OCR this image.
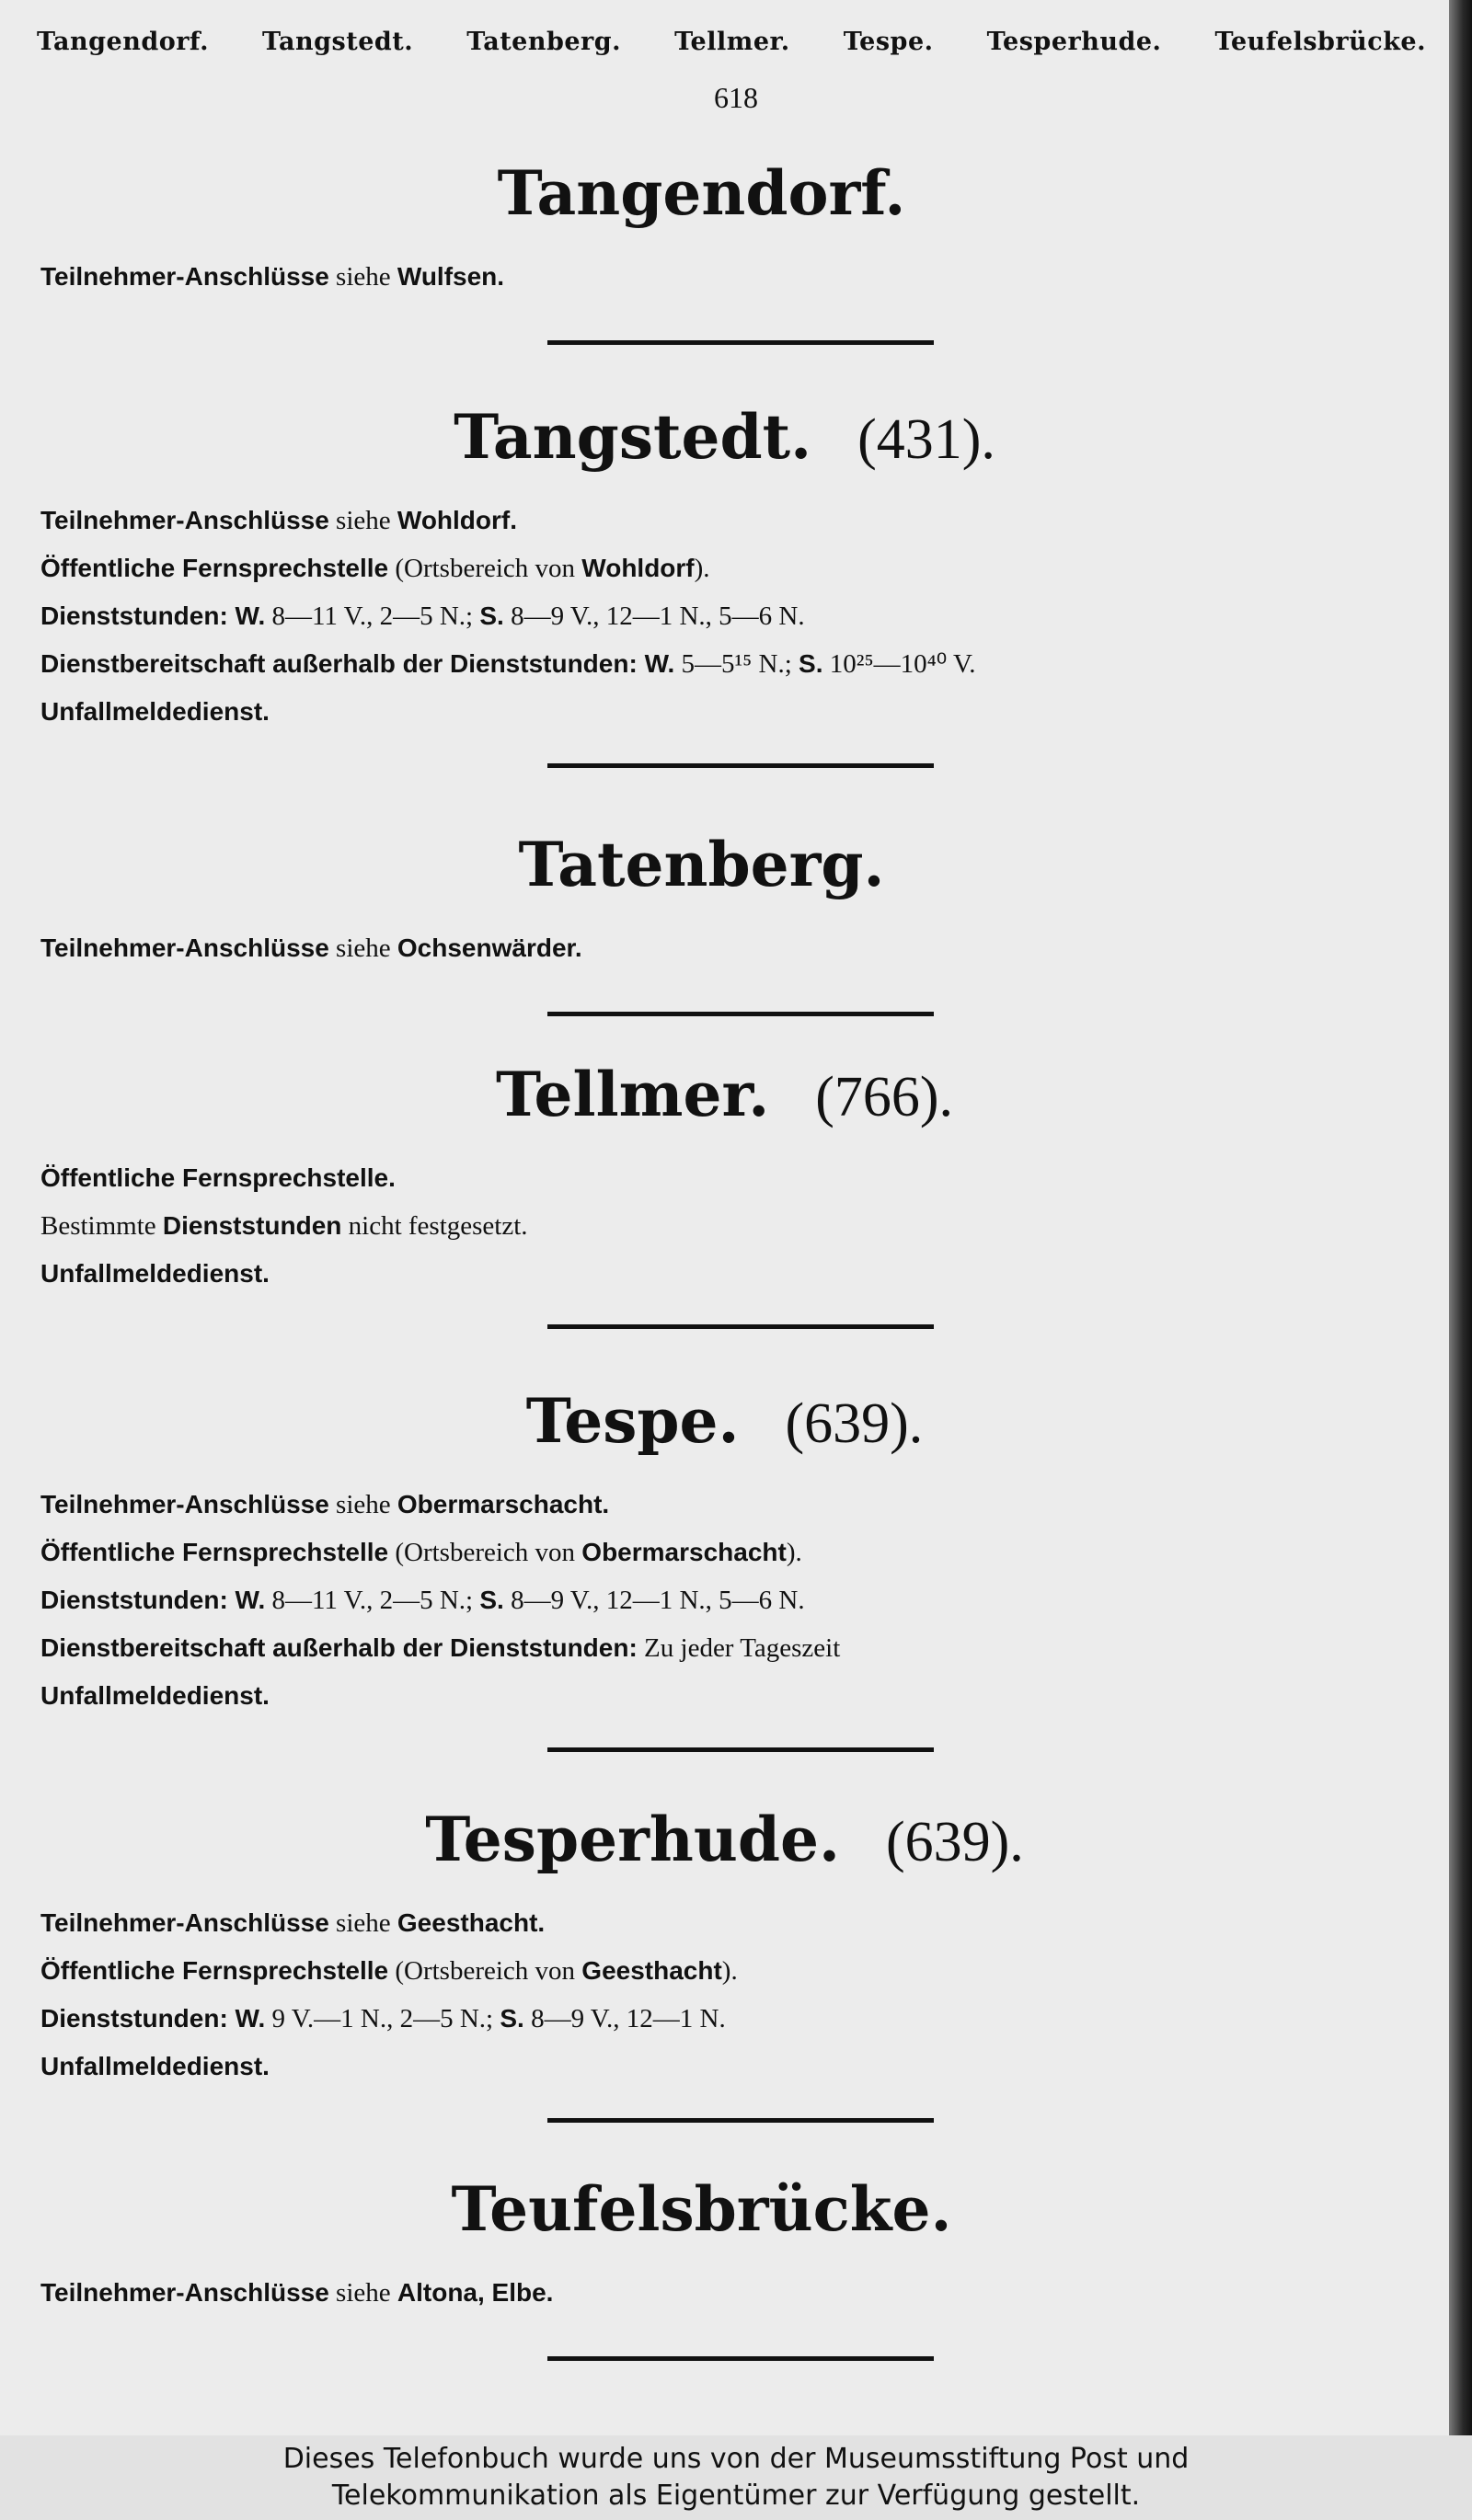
Tangendorf. Tangstedt. Tatenberg. Tellmer. Tespe. Tesperhude. Teufelsbrücke.
618
Tangendorf.
Teilnehmer-Anschlüsse siehe Wulfsen.
Tangstedt. (431).
Teilnehmer-Anschlüsse siehe Wohldorf.
Öffentliche Fernsprechstelle (Ortsbereich von Wohldorf).
Dienststunden: W. 8—11 V., 2—5 N.; S. 8—9 V., 12—1 N., 5—6 N.
Dienstbereitschaft außerhalb der Dienststunden: W. 5—5¹⁵ N.; S. 10²⁵—10⁴⁰ V.
Unfallmeldedienst.
Tatenberg.
Teilnehmer-Anschlüsse siehe Ochsenwärder.
Tellmer. (766).
Öffentliche Fernsprechstelle.
Bestimmte Dienststunden nicht festgesetzt.
Unfallmeldedienst.
Tespe. (639).
Teilnehmer-Anschlüsse siehe Obermarschacht.
Öffentliche Fernsprechstelle (Ortsbereich von Obermarschacht).
Dienststunden: W. 8—11 V., 2—5 N.; S. 8—9 V., 12—1 N., 5—6 N.
Dienstbereitschaft außerhalb der Dienststunden: Zu jeder Tageszeit
Unfallmeldedienst.
Tesperhude. (639).
Teilnehmer-Anschlüsse siehe Geesthacht.
Öffentliche Fernsprechstelle (Ortsbereich von Geesthacht).
Dienststunden: W. 9 V.—1 N., 2—5 N.; S. 8—9 V., 12—1 N.
Unfallmeldedienst.
Teufelsbrücke.
Teilnehmer-Anschlüsse siehe Altona, Elbe.
Dieses Telefonbuch wurde uns von der Museumsstiftung Post und
Telekommunikation als Eigentümer zur Verfügung gestellt.
